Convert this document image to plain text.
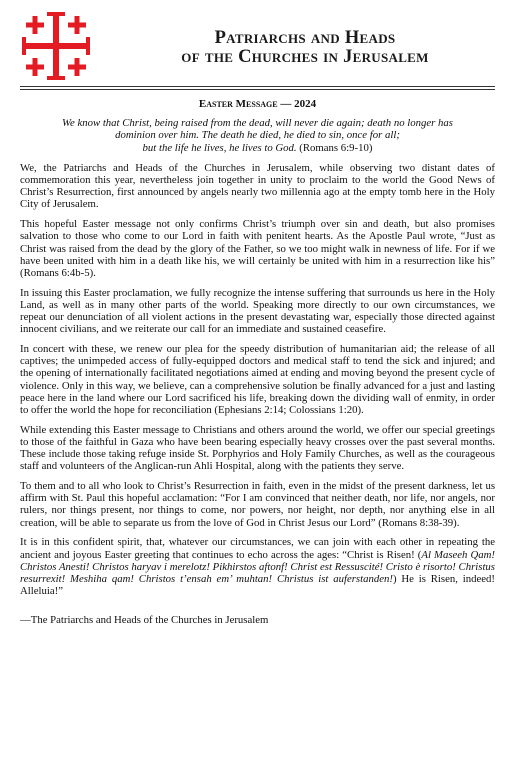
Patriarchs and Heads
of the Churches in Jerusalem
Easter Message — 2024
We know that Christ, being raised from the dead, will never die again; death no longer has
dominion over him. The death he died, he died to sin, once for all;
but the life he lives, he lives to God. (Romans 6:9-10)

We, the Patriarchs and Heads of the Churches in Jerusalem, while observing two distant dates of commemoration this year, nevertheless join together in unity to proclaim to the world the Good News of Christ’s Resurrection, first announced by angels nearly two millennia ago at the empty tomb here in the Holy City of Jerusalem.

This hopeful Easter message not only confirms Christ’s triumph over sin and death, but also promises salvation to those who come to our Lord in faith with penitent hearts. As the Apostle Paul wrote, “Just as Christ was raised from the dead by the glory of the Father, so we too might walk in newness of life. For if we have been united with him in a death like his, we will certainly be united with him in a resurrection like his” (Romans 6:4b-5).

In issuing this Easter proclamation, we fully recognize the intense suffering that surrounds us here in the Holy Land, as well as in many other parts of the world. Speaking more directly to our own circumstances, we repeat our denunciation of all violent actions in the present devastating war, especially those directed against innocent civilians, and we reiterate our call for an immediate and sustained ceasefire.

In concert with these, we renew our plea for the speedy distribution of humanitarian aid; the release of all captives; the unimpeded access of fully-equipped doctors and medical staff to tend the sick and injured; and the opening of internationally facilitated negotiations aimed at ending and moving beyond the present cycle of violence. Only in this way, we believe, can a comprehensive solution be finally advanced for a just and lasting peace here in the land where our Lord sacrificed his life, breaking down the dividing wall of enmity, in order to offer the world the hope for reconciliation (Ephesians 2:14; Colossians 1:20).

While extending this Easter message to Christians and others around the world, we offer our special greetings to those of the faithful in Gaza who have been bearing especially heavy crosses over the past several months. These include those taking refuge inside St. Porphyrios and Holy Family Churches, as well as the courageous staff and volunteers of the Anglican-run Ahli Hospital, along with the patients they serve.

To them and to all who look to Christ’s Resurrection in faith, even in the midst of the present darkness, let us affirm with St. Paul this hopeful acclamation: “For I am convinced that neither death, nor life, nor angels, nor rulers, nor things present, nor things to come, nor powers, nor height, nor depth, nor anything else in all creation, will be able to separate us from the love of God in Christ Jesus our Lord” (Romans 8:38-39).

It is in this confident spirit, that, whatever our circumstances, we can join with each other in repeating the ancient and joyous Easter greeting that continues to echo across the ages: “Christ is Risen! (Al Maseeh Qam! Christos Anesti! Christos haryav i merelotz! Pikhirstos aftonf! Christ est Ressuscité! Cristo è risorto! Christus resurrexit! Meshiha qam! Christos t’ensah em’ muhtan! Christus ist auferstanden!) He is Risen, indeed! Alleluia!”

—The Patriarchs and Heads of the Churches in Jerusalem
